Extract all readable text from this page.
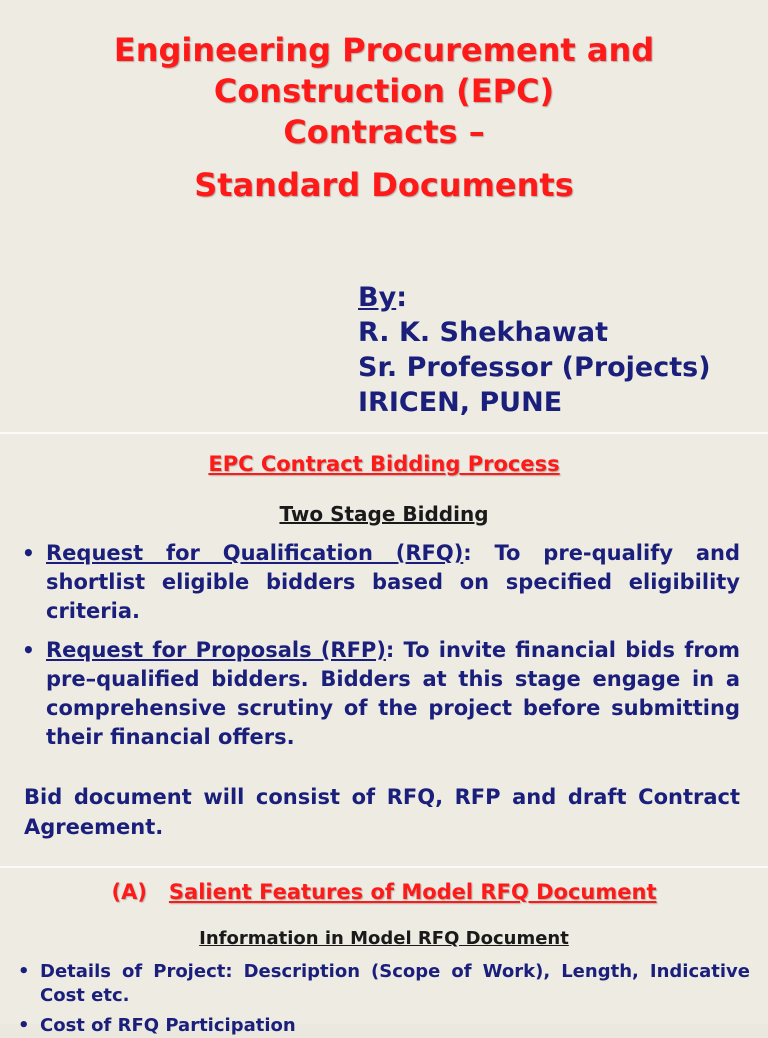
Engineering Procurement and
Construction (EPC)
Contracts –

Standard Documents
By:
R. K. Shekhawat
Sr. Professor (Projects)
IRICEN, PUNE
EPC Contract Bidding Process
Two Stage Bidding
• Request for Qualification (RFQ): To pre-qualify and shortlist eligible bidders based on specified eligibility criteria.
• Request for Proposals (RFP): To invite financial bids from pre–qualified bidders. Bidders at this stage engage in a comprehensive scrutiny of the project before submitting their financial offers.
Bid document will consist of RFQ, RFP and draft Contract Agreement.
(A) Salient Features of Model RFQ Document
Information in Model RFQ Document
• Details of Project: Description (Scope of Work), Length, Indicative Cost etc.
• Cost of RFQ Participation
